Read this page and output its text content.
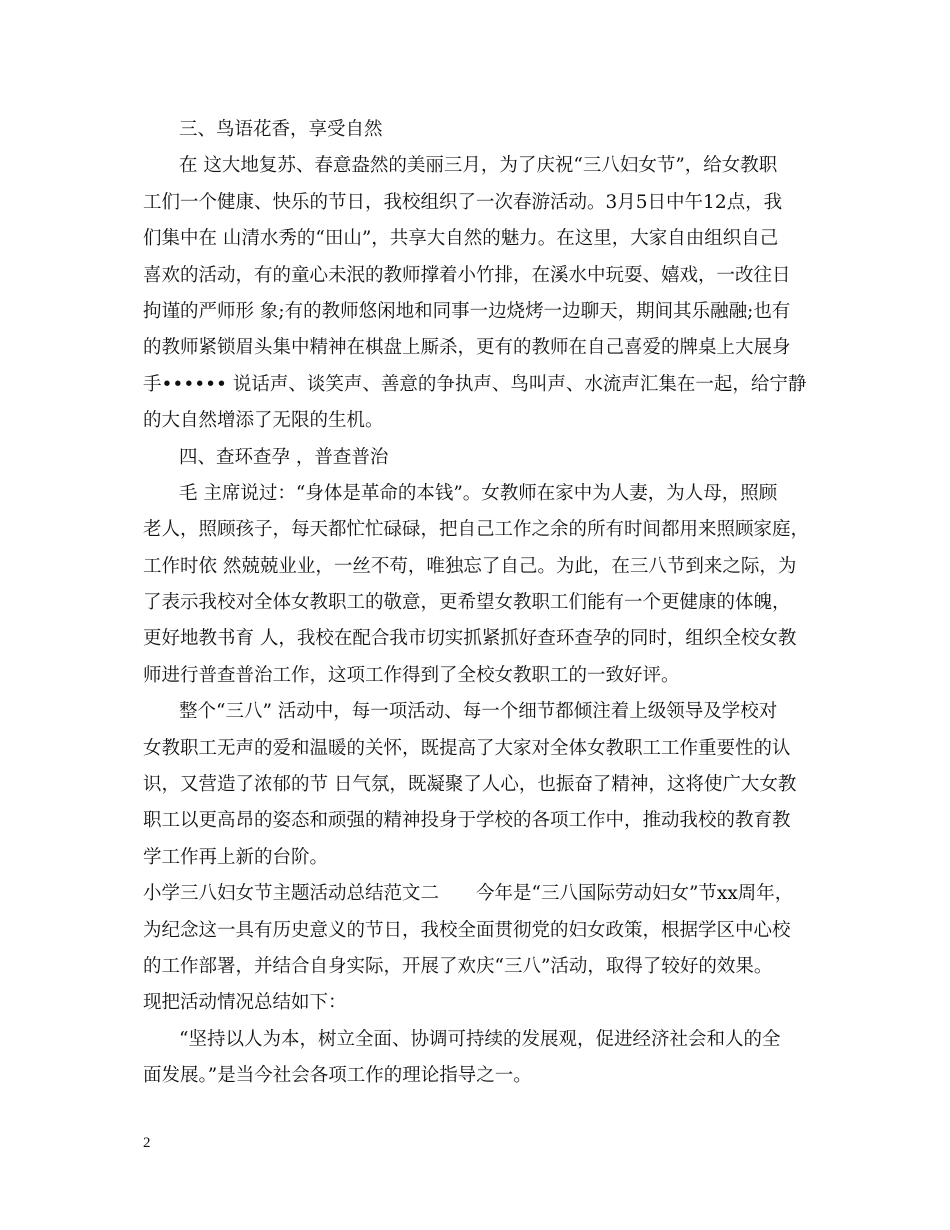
三、鸟语花香，享受自然
在 这大地复苏、春意盎然的美丽三月，为了庆祝“三八妇女节”，给女教职
工们一个健康、快乐的节日，我校组织了一次春游活动。3月5日中午12点，我
们集中在 山清水秀的“田山”，共享大自然的魅力。在这里，大家自由组织自己
喜欢的活动，有的童心未泯的教师撑着小竹排，在溪水中玩耍、嬉戏，一改往日
拘谨的严师形 象;有的教师悠闲地和同事一边烧烤一边聊天，期间其乐融融;也有
的教师紧锁眉头集中精神在棋盘上厮杀，更有的教师在自己喜爱的牌桌上大展身
手•••••• 说话声、谈笑声、善意的争执声、鸟叫声、水流声汇集在一起，给宁静
的大自然增添了无限的生机。
四、查环查孕 ，普查普治
毛 主席说过：“身体是革命的本钱”。女教师在家中为人妻，为人母，照顾
老人，照顾孩子，每天都忙忙碌碌，把自己工作之余的所有时间都用来照顾家庭，
工作时依 然兢兢业业，一丝不苟，唯独忘了自己。为此，在三八节到来之际，为
了表示我校对全体女教职工的敬意，更希望女教职工们能有一个更健康的体魄，
更好地教书育 人，我校在配合我市切实抓紧抓好查环查孕的同时，组织全校女教
师进行普查普治工作，这项工作得到了全校女教职工的一致好评。
整个“三八” 活动中，每一项活动、每一个细节都倾注着上级领导及学校对
女教职工无声的爱和温暖的关怀，既提高了大家对全体女教职工工作重要性的认
识，又营造了浓郁的节 日气氛，既凝聚了人心，也振奋了精神，这将使广大女教
职工以更高昂的姿态和顽强的精神投身于学校的各项工作中，推动我校的教育教
学工作再上新的台阶。
小学三八妇女节主题活动总结范文二　　今年是“三八国际劳动妇女”节xx周年，
为纪念这一具有历史意义的节日，我校全面贯彻党的妇女政策，根据学区中心校
的工作部署，并结合自身实际，开展了欢庆“三八”活动，取得了较好的效果。
现把活动情况总结如下：
“坚持以人为本，树立全面、协调可持续的发展观，促进经济社会和人的全
面发展。”是当今社会各项工作的理论指导之一。
2
